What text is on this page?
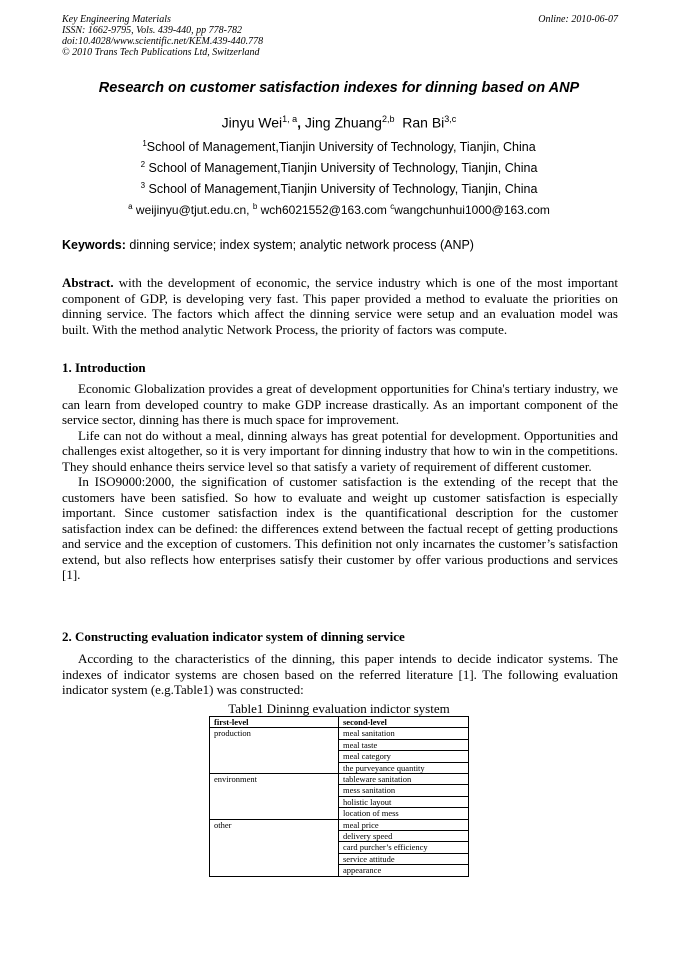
Key Engineering Materials
ISSN: 1662-9795, Vols. 439-440, pp 778-782
doi:10.4028/www.scientific.net/KEM.439-440.778
© 2010 Trans Tech Publications Ltd, Switzerland
Online: 2010-06-07
Research on customer satisfaction indexes for dinning based on ANP
Jinyu Wei$^{1, a}$, Jing Zhuang$^{2,b}$ Ran Bi$^{3,c}$
$^1$School of Management,Tianjin University of Technology, Tianjin, China
$^2$ School of Management,Tianjin University of Technology, Tianjin, China
$^3$ School of Management,Tianjin University of Technology, Tianjin, China
$^a$ weijinyu@tjut.edu.cn, $^b$ wch6021552@163.com $^c$wangchunhui1000@163.com
Keywords: dinning service; index system; analytic network process (ANP)

Abstract. with the development of economic, the service industry which is one of the most important component of GDP, is developing very fast. This paper provided a method to evaluate the priorities on dinning service. The factors which affect the dinning service were setup and an evaluation model was built. With the method analytic Network Process, the priority of factors was compute.

1. Introduction

Economic Globalization provides a great of development opportunities for China's tertiary industry, we can learn from developed country to make GDP increase drastically. As an important component of the service sector, dinning has there is much space for improvement.

Life can not do without a meal, dinning always has great potential for development. Opportunities and challenges exist altogether, so it is very important for dinning industry that how to win in the competitions. They should enhance theirs service level so that satisfy a variety of requirement of different customer.

In ISO9000:2000, the signification of customer satisfaction is the extending of the recept that the customers have been satisfied. So how to evaluate and weight up customer satisfaction is especially important. Since customer satisfaction index is the quantificational description for the customer satisfaction index can be defined: the differences extend between the factual recept of getting productions and service and the exception of customers. This definition not only incarnates the customer’s satisfaction extend, but also reflects how enterprises satisfy their customer by offer various productions and services [1].

2. Constructing evaluation indicator system of dinning service

According to the characteristics of the dinning, this paper intends to decide indicator systems. The indexes of indicator systems are chosen based on the referred literature [1]. The following evaluation indicator system (e.g.Table1) was constructed:

Table1 Dininng evaluation indictor system
first-level	second-level
production	meal sanitation
	meal taste
	meal category
	the purveyance quantity
environment	tableware sanitation
	mess sanitation
	holistic layout
	location of mess
other	meal price
	delivery speed
	card purcher’s efficiency
	service attitude
	appearance
